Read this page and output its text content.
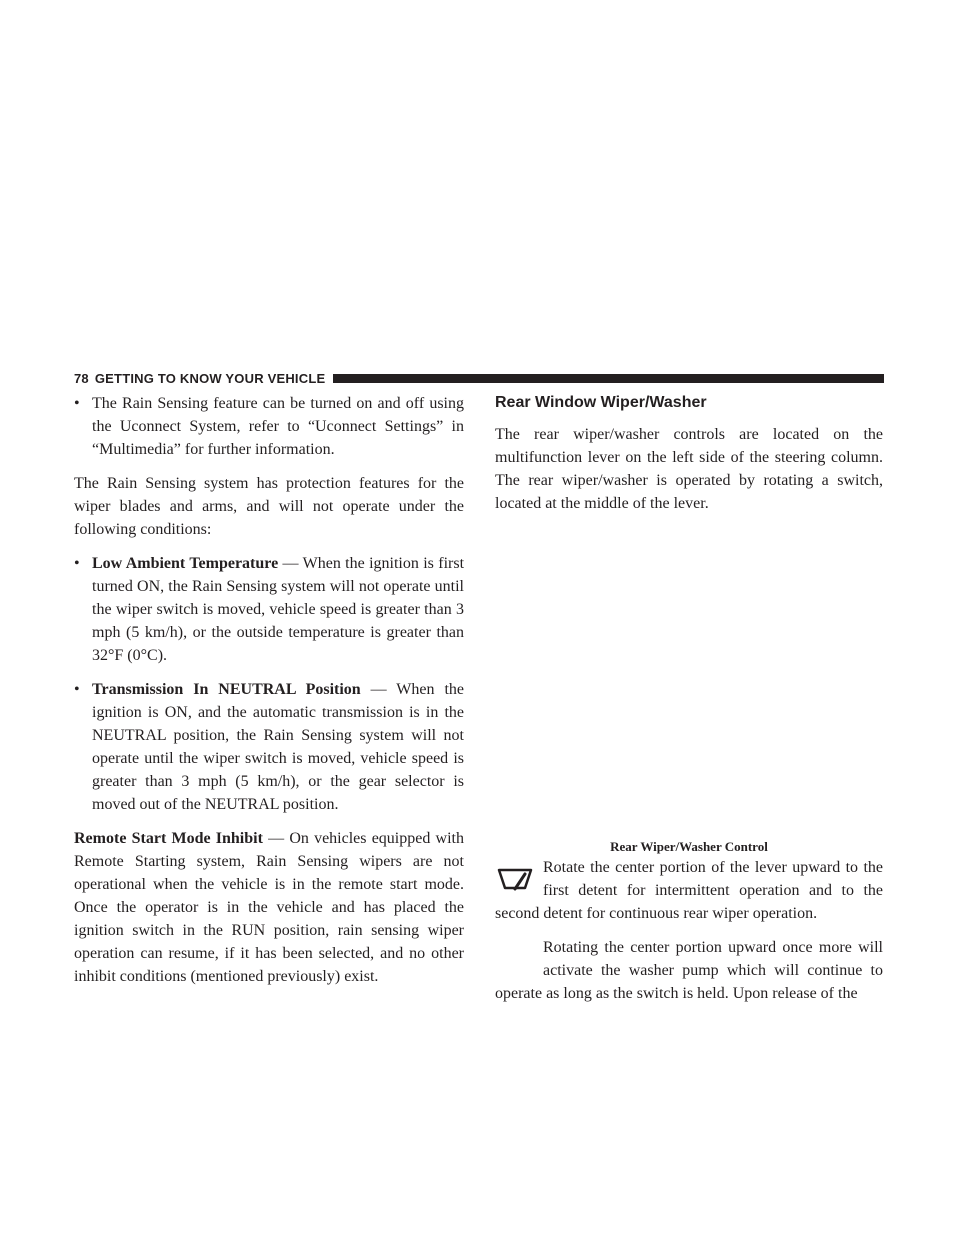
78 GETTING TO KNOW YOUR VEHICLE
• The Rain Sensing feature can be turned on and off using the Uconnect System, refer to “Uconnect Settings” in “Multimedia” for further information.

The Rain Sensing system has protection features for the wiper blades and arms, and will not operate under the following conditions:

• Low Ambient Temperature — When the ignition is first turned ON, the Rain Sensing system will not operate until the wiper switch is moved, vehicle speed is greater than 3 mph (5 km/h), or the outside temperature is greater than 32°F (0°C).
• Transmission In NEUTRAL Position — When the ignition is ON, and the automatic transmission is in the NEUTRAL position, the Rain Sensing system will not operate until the wiper switch is moved, vehicle speed is greater than 3 mph (5 km/h), or the gear selector is moved out of the NEUTRAL position.

Remote Start Mode Inhibit — On vehicles equipped with Remote Starting system, Rain Sensing wipers are not operational when the vehicle is in the remote start mode. Once the operator is in the vehicle and has placed the ignition switch in the RUN position, rain sensing wiper operation can resume, if it has been selected, and no other inhibit conditions (mentioned previously) exist.

Rear Window Wiper/Washer

The rear wiper/washer controls are located on the multifunction lever on the left side of the steering column. The rear wiper/washer is operated by rotating a switch, located at the middle of the lever.

Rear Wiper/Washer Control

Rotate the center portion of the lever upward to the first detent for intermittent operation and to the second detent for continuous rear wiper operation.

Rotating the center portion upward once more will activate the washer pump which will continue to operate as long as the switch is held. Upon release of the
